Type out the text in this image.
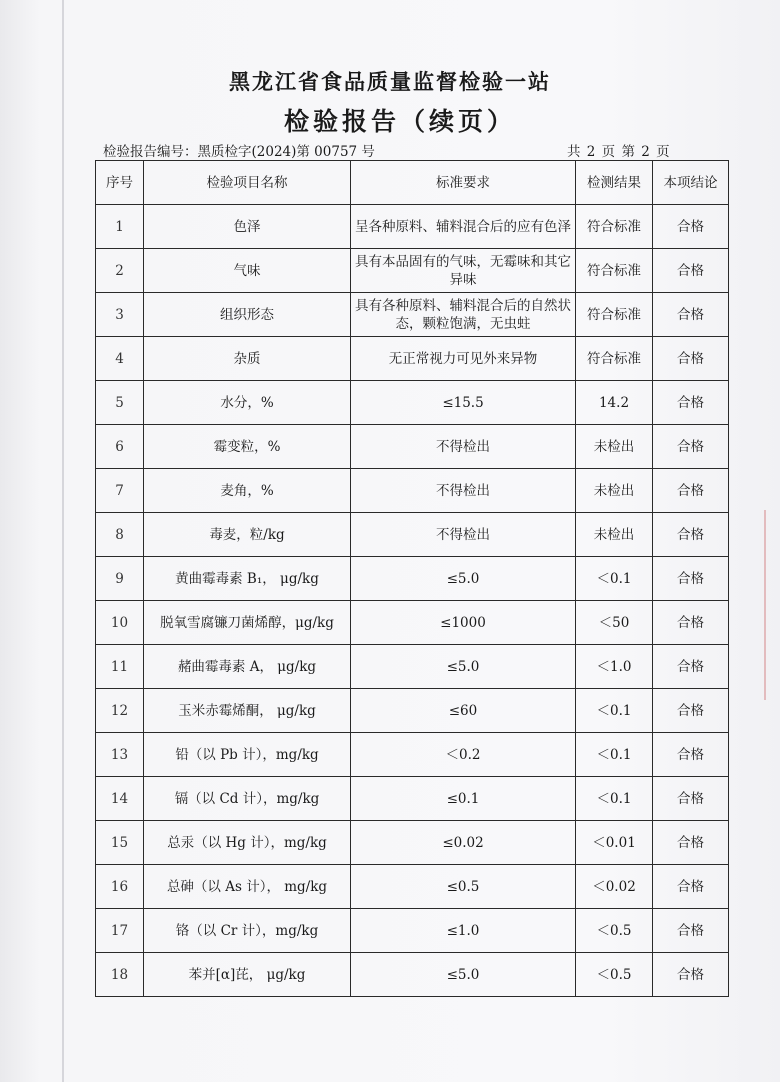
黑龙江省食品质量监督检验一站
检验报告（续页）
检验报告编号：黑质检字(2024)第 00757 号	共 2 页 第 2 页
序号	检验项目名称	标准要求	检测结果	本项结论
1	色泽	呈各种原料、辅料混合后的应有色泽	符合标准	合格
2	气味	具有本品固有的气味，无霉味和其它异味	符合标准	合格
3	组织形态	具有各种原料、辅料混合后的自然状态，颗粒饱满，无虫蛀	符合标准	合格
4	杂质	无正常视力可见外来异物	符合标准	合格
5	水分，%	≤15.5	14.2	合格
6	霉变粒，%	不得检出	未检出	合格
7	麦角，%	不得检出	未检出	合格
8	毒麦，粒/kg	不得检出	未检出	合格
9	黄曲霉毒素 B₁， μg/kg	≤5.0	＜0.1	合格
10	脱氧雪腐镰刀菌烯醇，μg/kg	≤1000	＜50	合格
11	赭曲霉毒素 A， μg/kg	≤5.0	＜1.0	合格
12	玉米赤霉烯酮， μg/kg	≤60	＜0.1	合格
13	铅（以 Pb 计），mg/kg	＜0.2	＜0.1	合格
14	镉（以 Cd 计），mg/kg	≤0.1	＜0.1	合格
15	总汞（以 Hg 计），mg/kg	≤0.02	＜0.01	合格
16	总砷（以 As 计）， mg/kg	≤0.5	＜0.02	合格
17	铬（以 Cr 计），mg/kg	≤1.0	＜0.5	合格
18	苯并[α]芘， μg/kg	≤5.0	＜0.5	合格
